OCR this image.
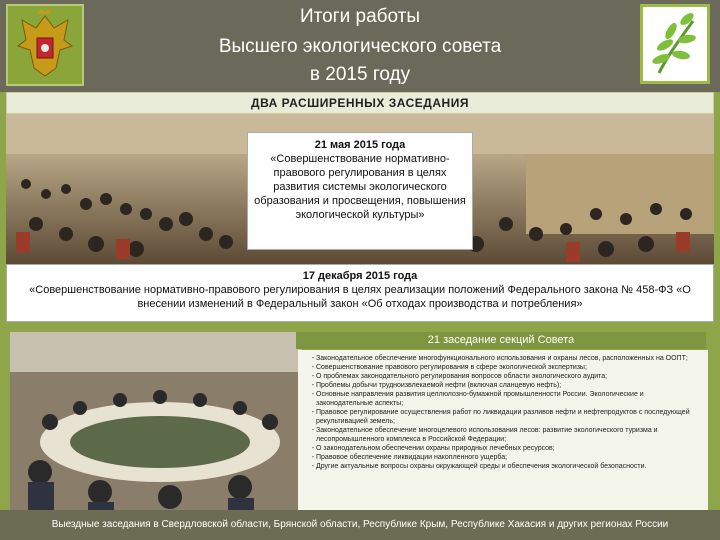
Итоги работы
Высшего экологического совета
в 2015 году
ДВА РАСШИРЕННЫХ ЗАСЕДАНИЯ
21 мая 2015 года
«Совершенствование нормативно-правового регулирования в целях развития системы экологического образования и просвещения, повышения экологической культуры»
17 декабря 2015 года
«Совершенствование нормативно-правового регулирования в целях реализации положений Федерального закона № 458-ФЗ «О внесении изменений в Федеральный закон «Об отходах производства и потребления»
21 заседание секций Совета
- Законодательное обеспечение многофункционального использования и охраны лесов, расположенных на ООПТ;
- Совершенствование правового регулирования в сфере экологической экспертизы;
- О проблемах законодательного регулирования вопросов области экологического аудита;
- Проблемы добычи трудноизвлекаемой нефти (включая сланцевую нефть);
- Основные направления развития целлюлозно-бумажной промышленности России. Экологические и законодательные аспекты;
- Правовое регулирование осуществления работ по ликвидации разливов нефти и нефтепродуктов с последующей рекультивацией земель;
- Законодательное обеспечение многоцелевого использования лесов: развитие экологического туризма и лесопромышленного комплекса в Российской Федерации;
- О законодательном обеспечении охраны природных лечебных ресурсов;
- Правовое обеспечение ликвидации накопленного ущерба;
- Другие актуальные вопросы охраны окружающей среды и обеспечения экологической безопасности.
Выездные заседания в Свердловской области, Брянской области, Республике Крым, Республике Хакасия и других регионах России
